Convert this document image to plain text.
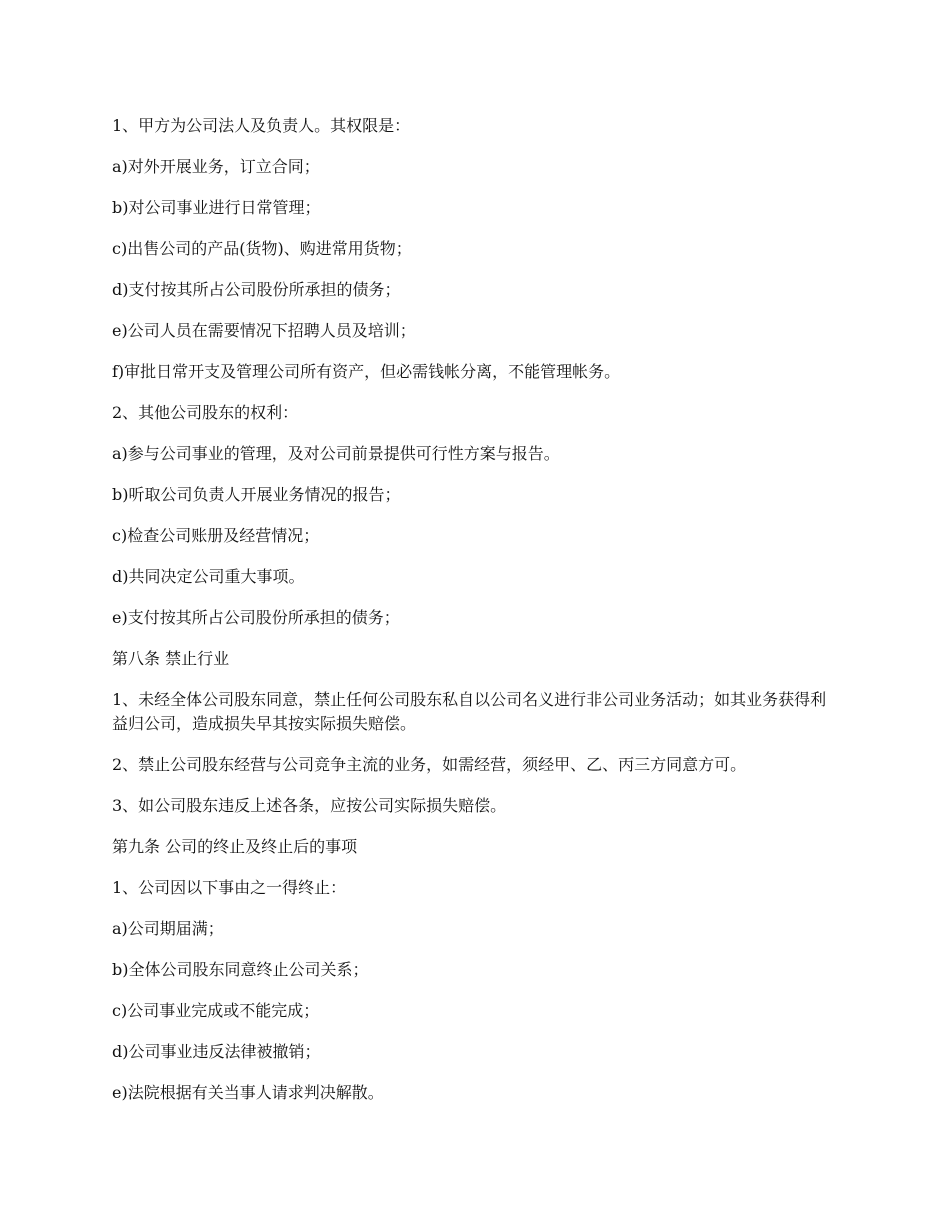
1、甲方为公司法人及负责人。其权限是：

a)对外开展业务，订立合同；

b)对公司事业进行日常管理；

c)出售公司的产品(货物)、购进常用货物；

d)支付按其所占公司股份所承担的债务；

e)公司人员在需要情况下招聘人员及培训；

f)审批日常开支及管理公司所有资产，但必需钱帐分离，不能管理帐务。

2、其他公司股东的权利：

a)参与公司事业的管理，及对公司前景提供可行性方案与报告。

b)听取公司负责人开展业务情况的报告；

c)检查公司账册及经营情况；

d)共同决定公司重大事项。

e)支付按其所占公司股份所承担的债务；

第八条 禁止行业

1、未经全体公司股东同意，禁止任何公司股东私自以公司名义进行非公司业务活动；如其业务获得利益归公司，造成损失早其按实际损失赔偿。

2、禁止公司股东经营与公司竞争主流的业务，如需经营，须经甲、乙、丙三方同意方可。

3、如公司股东违反上述各条，应按公司实际损失赔偿。

第九条 公司的终止及终止后的事项

1、公司因以下事由之一得终止：

a)公司期届满；

b)全体公司股东同意终止公司关系；

c)公司事业完成或不能完成；

d)公司事业违反法律被撤销；

e)法院根据有关当事人请求判决解散。
